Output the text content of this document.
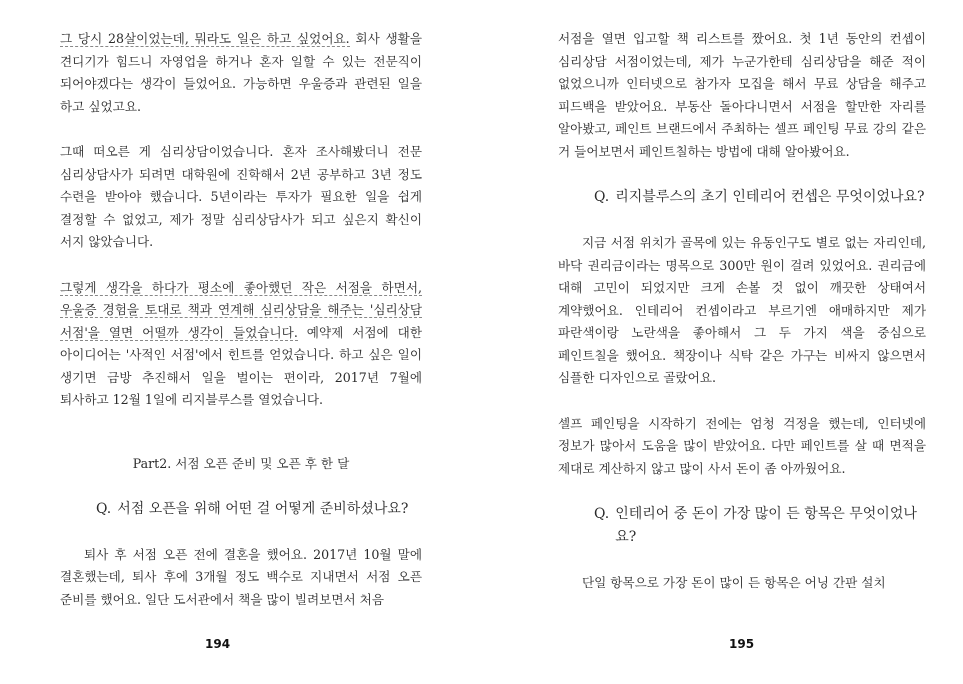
그 당시 28살이었는데, 뭐라도 일은 하고 싶었어요. 회사 생활을 견디기가 힘드니 자영업을 하거나 혼자 일할 수 있는 전문직이 되어야겠다는 생각이 들었어요. 가능하면 우울증과 관련된 일을 하고 싶었고요.

그때 떠오른 게 심리상담이었습니다. 혼자 조사해봤더니 전문 심리상담사가 되려면 대학원에 진학해서 2년 공부하고 3년 정도 수련을 받아야 했습니다. 5년이라는 투자가 필요한 일을 쉽게 결정할 수 없었고, 제가 정말 심리상담사가 되고 싶은지 확신이 서지 않았습니다.

그렇게 생각을 하다가 평소에 좋아했던 작은 서점을 하면서, 우울증 경험을 토대로 책과 연계해 심리상담을 해주는 '심리상담 서점'을 열면 어떨까 생각이 들었습니다. 예약제 서점에 대한 아이디어는 '사적인 서점'에서 힌트를 얻었습니다. 하고 싶은 일이 생기면 금방 추진해서 일을 벌이는 편이라, 2017년 7월에 퇴사하고 12월 1일에 리지블루스를 열었습니다.

Part2. 서점 오픈 준비 및 오픈 후 한 달
Q. 서점 오픈을 위해 어떤 걸 어떻게 준비하셨나요?

퇴사 후 서점 오픈 전에 결혼을 했어요. 2017년 10월 말에 결혼했는데, 퇴사 후에 3개월 정도 백수로 지내면서 서점 오픈 준비를 했어요. 일단 도서관에서 책을 많이 빌려보면서 처음

서점을 열면 입고할 책 리스트를 짰어요. 첫 1년 동안의 컨셉이 심리상담 서점이었는데, 제가 누군가한테 심리상담을 해준 적이 없었으니까 인터넷으로 참가자 모집을 해서 무료 상담을 해주고 피드백을 받았어요. 부동산 돌아다니면서 서점을 할만한 자리를 알아봤고, 페인트 브랜드에서 주최하는 셀프 페인팅 무료 강의 같은 거 들어보면서 페인트칠하는 방법에 대해 알아봤어요.

Q. 리지블루스의 초기 인테리어 컨셉은 무엇이었나요?

지금 서점 위치가 골목에 있는 유동인구도 별로 없는 자리인데, 바닥 권리금이라는 명목으로 300만 원이 걸려 있었어요. 권리금에 대해 고민이 되었지만 크게 손볼 것 없이 깨끗한 상태여서 계약했어요. 인테리어 컨셉이라고 부르기엔 애매하지만 제가 파란색이랑 노란색을 좋아해서 그 두 가지 색을 중심으로 페인트칠을 했어요. 책장이나 식탁 같은 가구는 비싸지 않으면서 심플한 디자인으로 골랐어요.

셀프 페인팅을 시작하기 전에는 엄청 걱정을 했는데, 인터넷에 정보가 많아서 도움을 많이 받았어요. 다만 페인트를 살 때 면적을 제대로 계산하지 않고 많이 사서 돈이 좀 아까웠어요.

Q. 인테리어 중 돈이 가장 많이 든 항목은 무엇이었나요?

단일 항목으로 가장 돈이 많이 든 항목은 어닝 간판 설치

194	195
